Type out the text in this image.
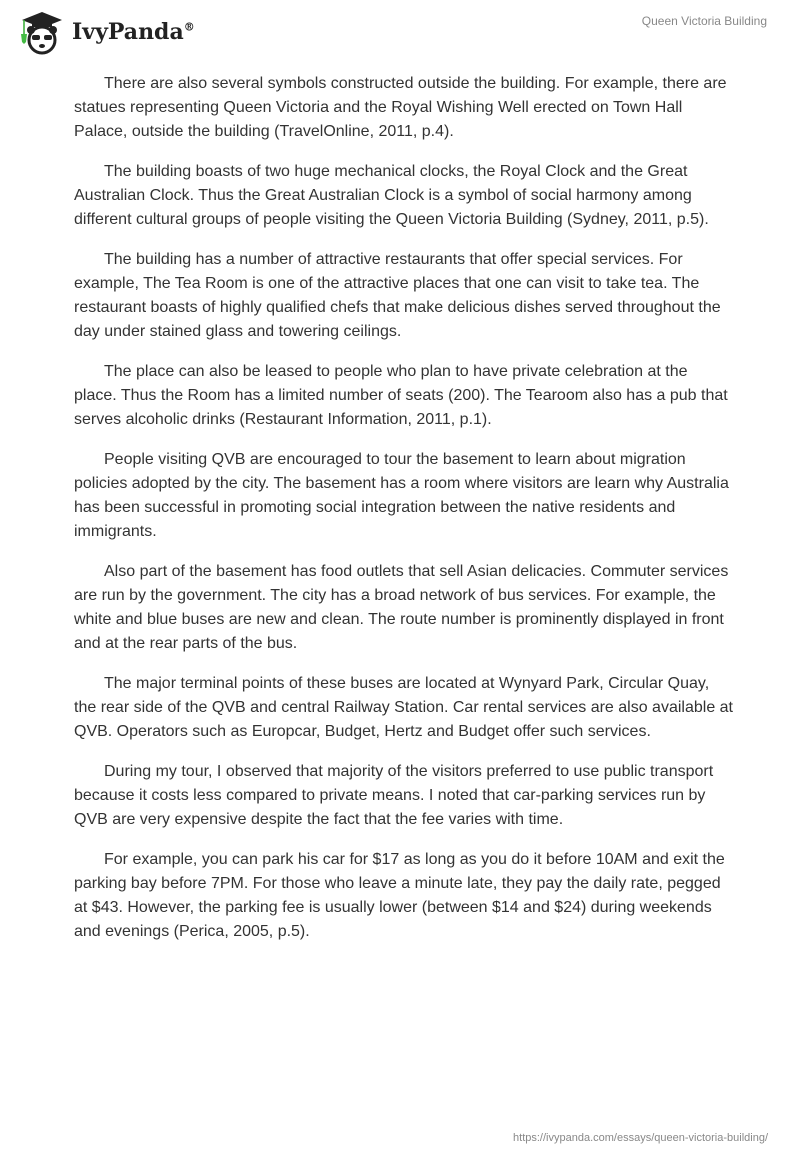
IvyPanda®	Queen Victoria Building

There are also several symbols constructed outside the building. For example, there are statues representing Queen Victoria and the Royal Wishing Well erected on Town Hall Palace, outside the building (TravelOnline, 2011, p.4).

The building boasts of two huge mechanical clocks, the Royal Clock and the Great Australian Clock. Thus the Great Australian Clock is a symbol of social harmony among different cultural groups of people visiting the Queen Victoria Building (Sydney, 2011, p.5).

The building has a number of attractive restaurants that offer special services. For example, The Tea Room is one of the attractive places that one can visit to take tea. The restaurant boasts of highly qualified chefs that make delicious dishes served throughout the day under stained glass and towering ceilings.

The place can also be leased to people who plan to have private celebration at the place. Thus the Room has a limited number of seats (200). The Tearoom also has a pub that serves alcoholic drinks (Restaurant Information, 2011, p.1).

People visiting QVB are encouraged to tour the basement to learn about migration policies adopted by the city. The basement has a room where visitors are learn why Australia has been successful in promoting social integration between the native residents and immigrants.

Also part of the basement has food outlets that sell Asian delicacies. Commuter services are run by the government. The city has a broad network of bus services. For example, the white and blue buses are new and clean. The route number is prominently displayed in front and at the rear parts of the bus.

The major terminal points of these buses are located at Wynyard Park, Circular Quay, the rear side of the QVB and central Railway Station. Car rental services are also available at QVB. Operators such as Europcar, Budget, Hertz and Budget offer such services.

During my tour, I observed that majority of the visitors preferred to use public transport because it costs less compared to private means. I noted that car-parking services run by QVB are very expensive despite the fact that the fee varies with time.

For example, you can park his car for $17 as long as you do it before 10AM and exit the parking bay before 7PM. For those who leave a minute late, they pay the daily rate, pegged at $43. However, the parking fee is usually lower (between $14 and $24) during weekends and evenings (Perica, 2005, p.5).

https://ivypanda.com/essays/queen-victoria-building/
